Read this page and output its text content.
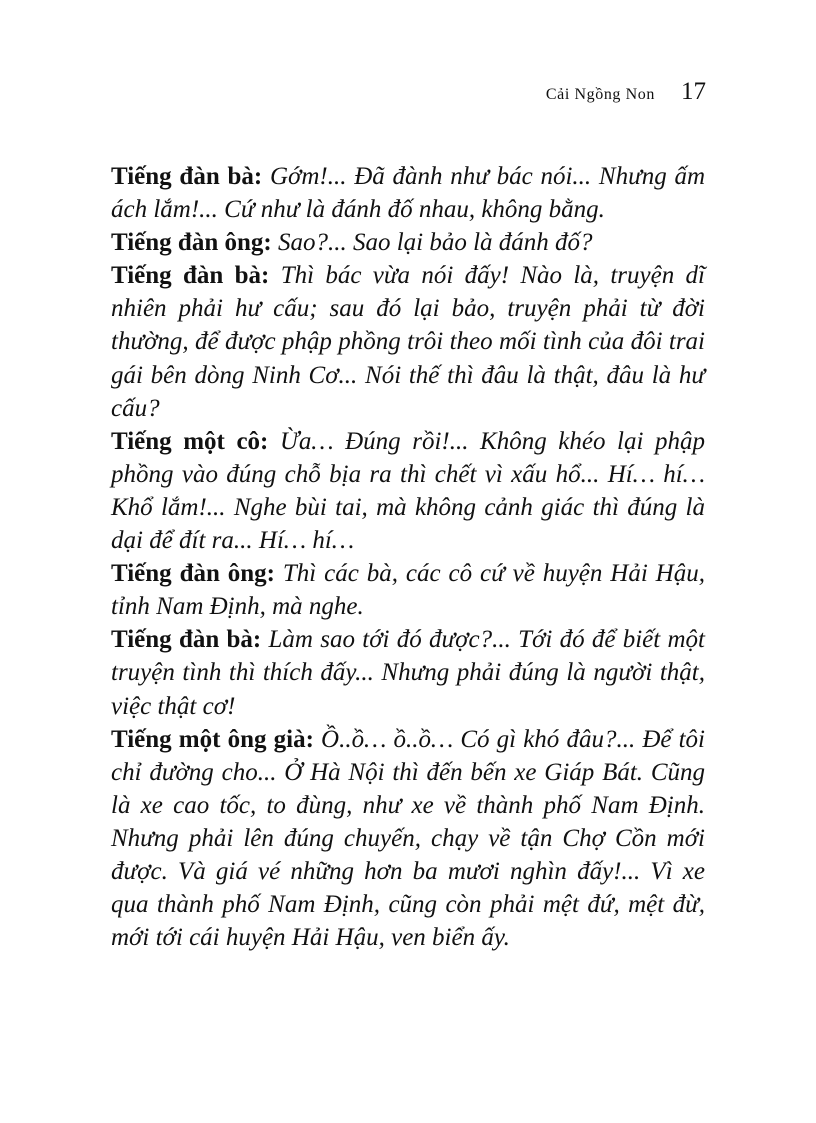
Cải Ngồng Non 17

Tiếng đàn bà: Gớm!... Đã đành như bác nói... Nhưng ấm ách lắm!... Cứ như là đánh đố nhau, không bằng.

Tiếng đàn ông: Sao?... Sao lại bảo là đánh đố?

Tiếng đàn bà: Thì bác vừa nói đấy! Nào là, truyện dĩ nhiên phải hư cấu; sau đó lại bảo, truyện phải từ đời thường, để được phập phồng trôi theo mối tình của đôi trai gái bên dòng Ninh Cơ... Nói thế thì đâu là thật, đâu là hư cấu?

Tiếng một cô: Ừa… Đúng rồi!... Không khéo lại phập phồng vào đúng chỗ bịa ra thì chết vì xấu hổ... Hí… hí… Khổ lắm!... Nghe bùi tai, mà không cảnh giác thì đúng là dại để đít ra... Hí… hí…

Tiếng đàn ông: Thì các bà, các cô cứ về huyện Hải Hậu, tỉnh Nam Định, mà nghe.

Tiếng đàn bà: Làm sao tới đó được?... Tới đó để biết một truyện tình thì thích đấy... Nhưng phải đúng là người thật, việc thật cơ!

Tiếng một ông già: Ồ..ồ… ồ..ồ… Có gì khó đâu?... Để tôi chỉ đường cho... Ở Hà Nội thì đến bến xe Giáp Bát. Cũng là xe cao tốc, to đùng, như xe về thành phố Nam Định. Nhưng phải lên đúng chuyến, chạy về tận Chợ Cồn mới được. Và giá vé những hơn ba mươi nghìn đấy!... Vì xe qua thành phố Nam Định, cũng còn phải mệt đứ, mệt đừ, mới tới cái huyện Hải Hậu, ven biển ấy.
